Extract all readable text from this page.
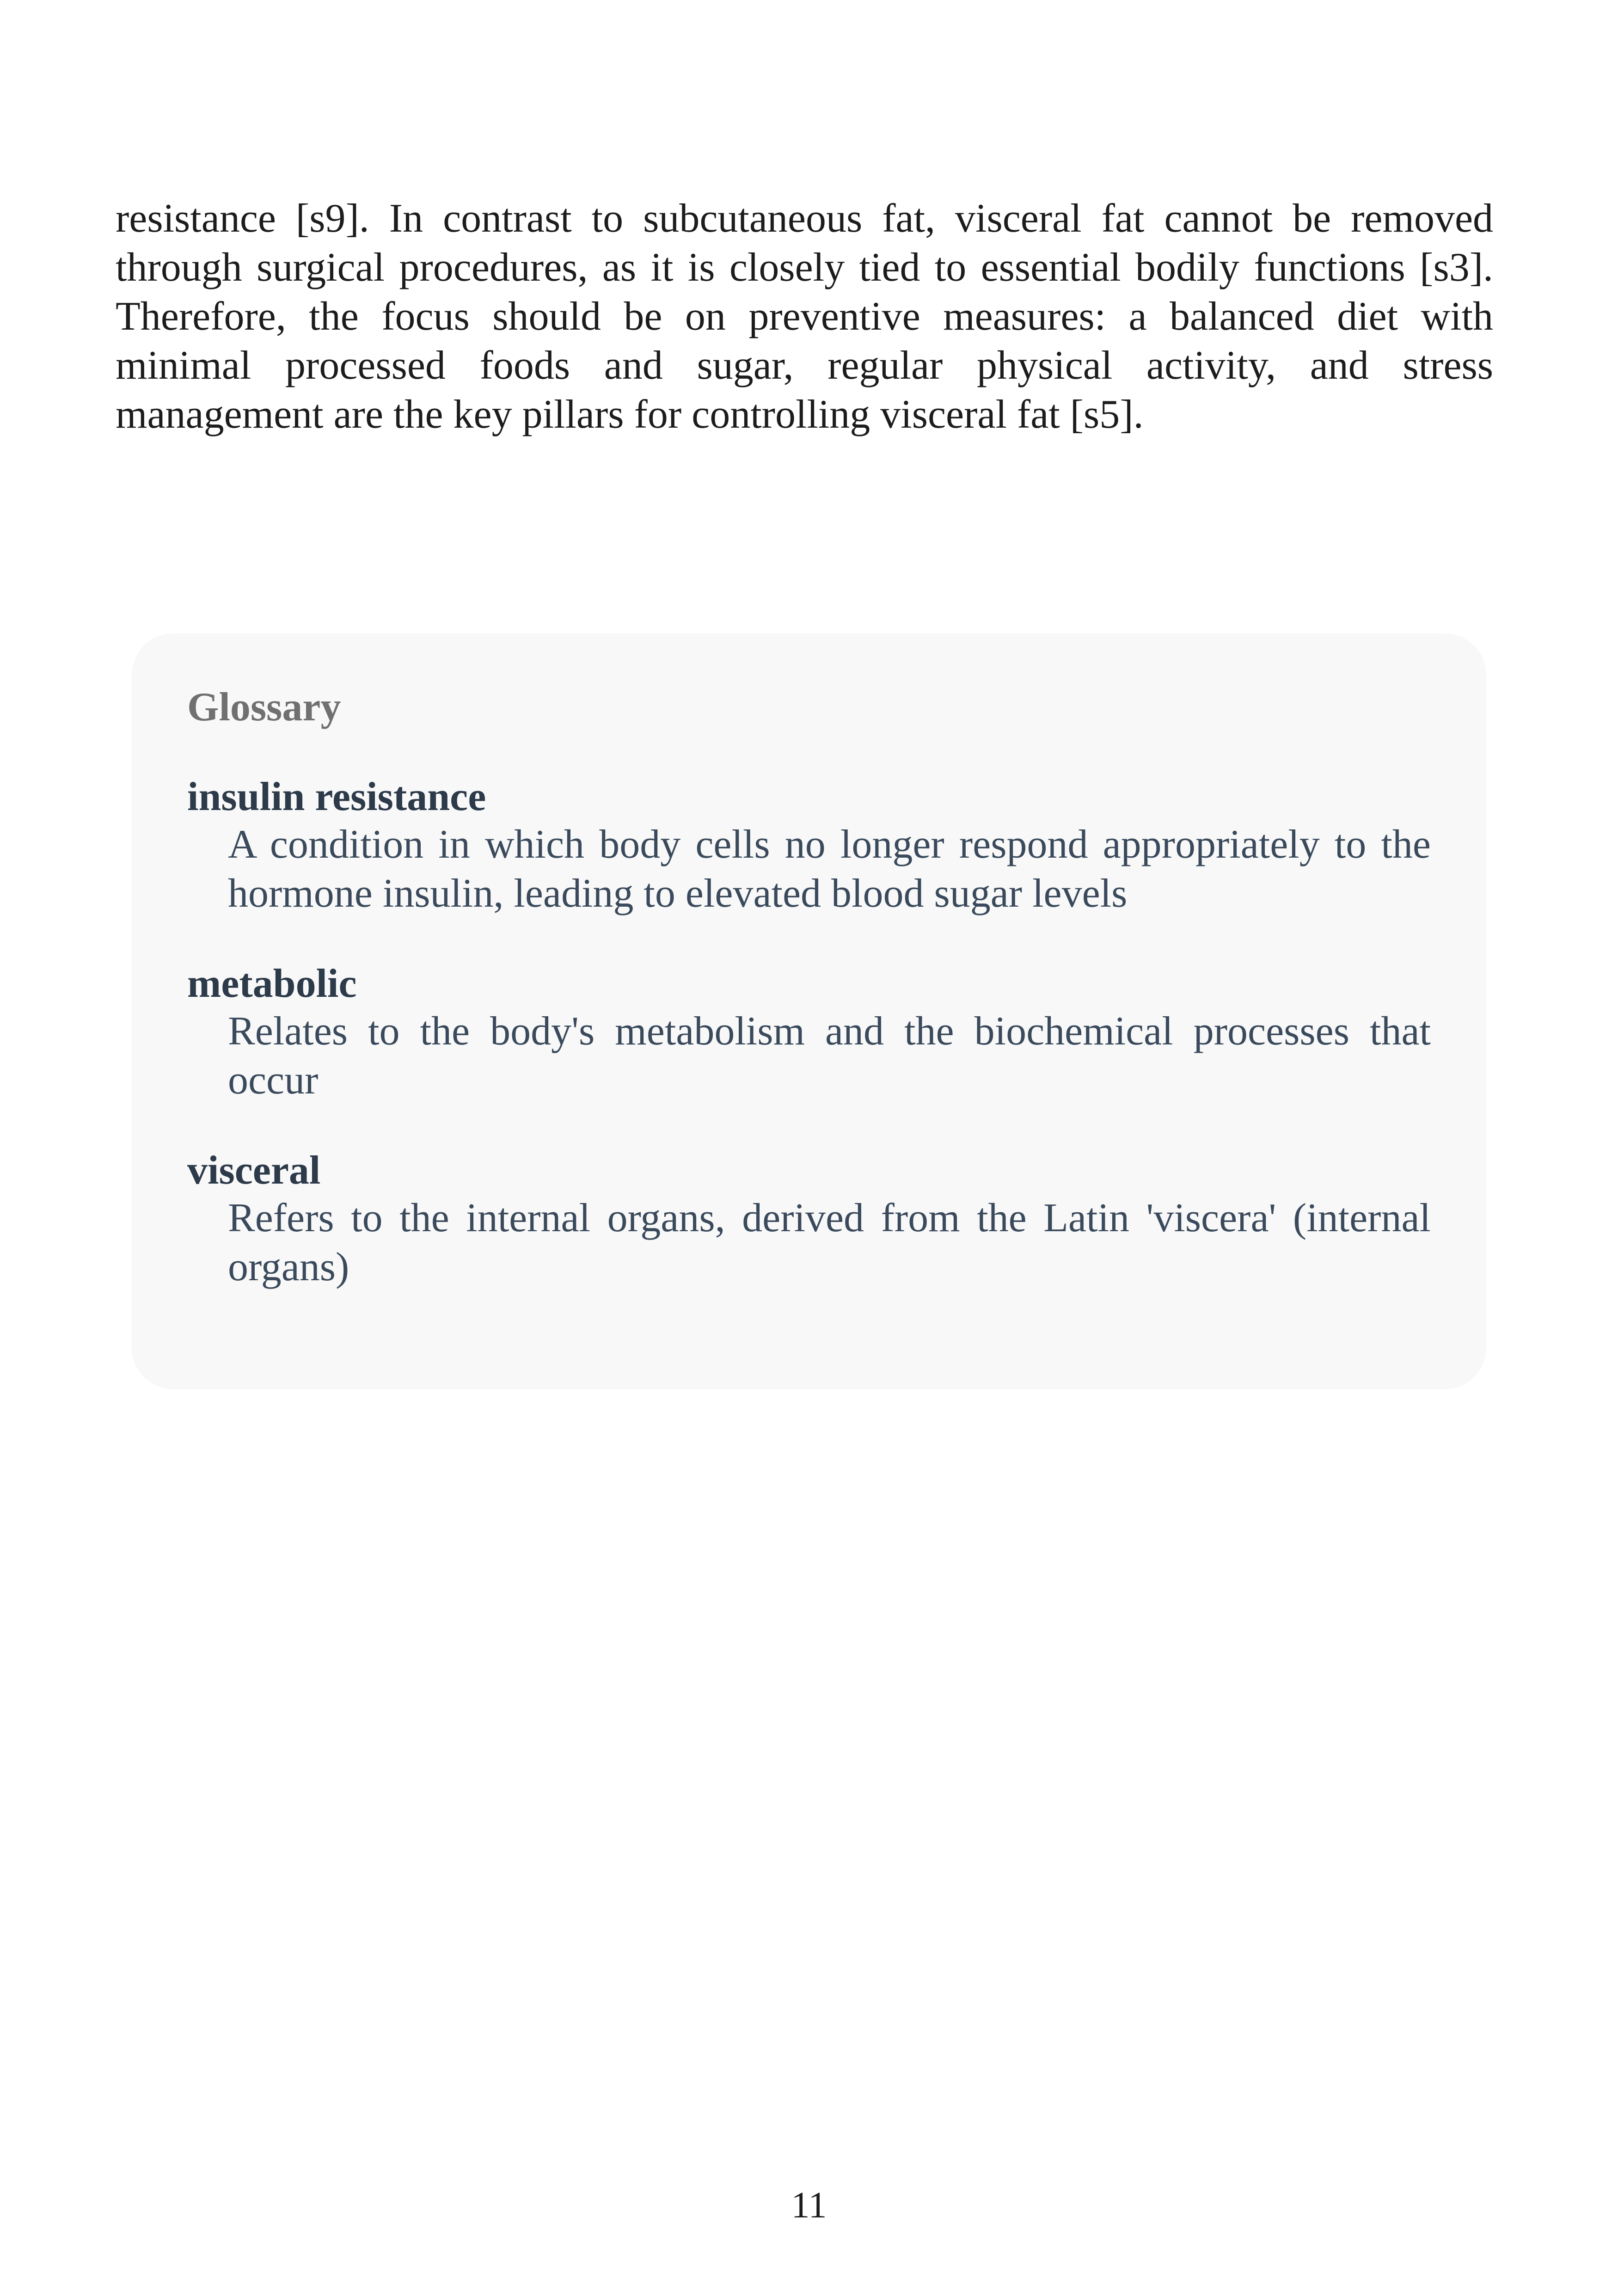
resistance [s9]. In contrast to subcutaneous fat, visceral fat cannot be removed through surgical procedures, as it is closely tied to essential bodily functions [s3]. Therefore, the focus should be on preventive measures: a balanced diet with minimal processed foods and sugar, regular physical activity, and stress management are the key pillars for controlling visceral fat [s5].

Glossary

insulin resistance

A condition in which body cells no longer respond appropriately to the hormone insulin, leading to elevated blood sugar levels

metabolic

Relates to the body's metabolism and the biochemical processes that occur

visceral

Refers to the internal organs, derived from the Latin 'viscera' (internal organs)

11
